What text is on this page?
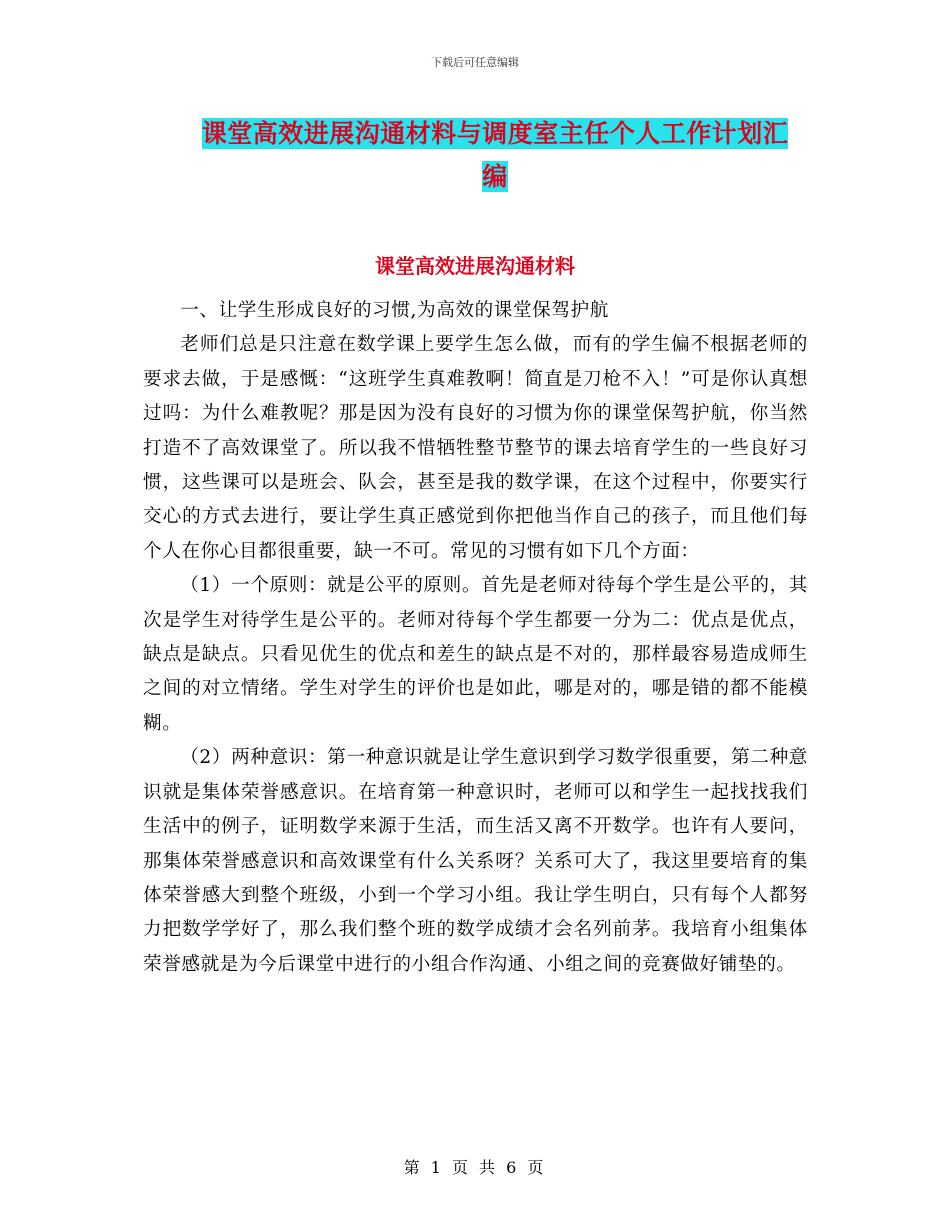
下载后可任意编辑
课堂高效进展沟通材料与调度室主任个人工作计划汇编
课堂高效进展沟通材料

一、让学生形成良好的习惯,为高效的课堂保驾护航

老师们总是只注意在数学课上要学生怎么做，而有的学生偏不根据老师的要求去做，于是感慨：“这班学生真难教啊！简直是刀枪不入！”可是你认真想过吗：为什么难教呢？那是因为没有良好的习惯为你的课堂保驾护航，你当然打造不了高效课堂了。所以我不惜牺牲整节整节的课去培育学生的一些良好习惯，这些课可以是班会、队会，甚至是我的数学课，在这个过程中，你要实行交心的方式去进行，要让学生真正感觉到你把他当作自己的孩子，而且他们每个人在你心目都很重要，缺一不可。常见的习惯有如下几个方面：

（1）一个原则：就是公平的原则。首先是老师对待每个学生是公平的，其次是学生对待学生是公平的。老师对待每个学生都要一分为二：优点是优点，缺点是缺点。只看见优生的优点和差生的缺点是不对的，那样最容易造成师生之间的对立情绪。学生对学生的评价也是如此，哪是对的，哪是错的都不能模糊。

（2）两种意识：第一种意识就是让学生意识到学习数学很重要，第二种意识就是集体荣誉感意识。在培育第一种意识时，老师可以和学生一起找找我们生活中的例子，证明数学来源于生活，而生活又离不开数学。也许有人要问，那集体荣誉感意识和高效课堂有什么关系呀？关系可大了，我这里要培育的集体荣誉感大到整个班级，小到一个学习小组。我让学生明白，只有每个人都努力把数学学好了，那么我们整个班的数学成绩才会名列前茅。我培育小组集体荣誉感就是为今后课堂中进行的小组合作沟通、小组之间的竞赛做好铺垫的。

第 1 页 共 6 页
